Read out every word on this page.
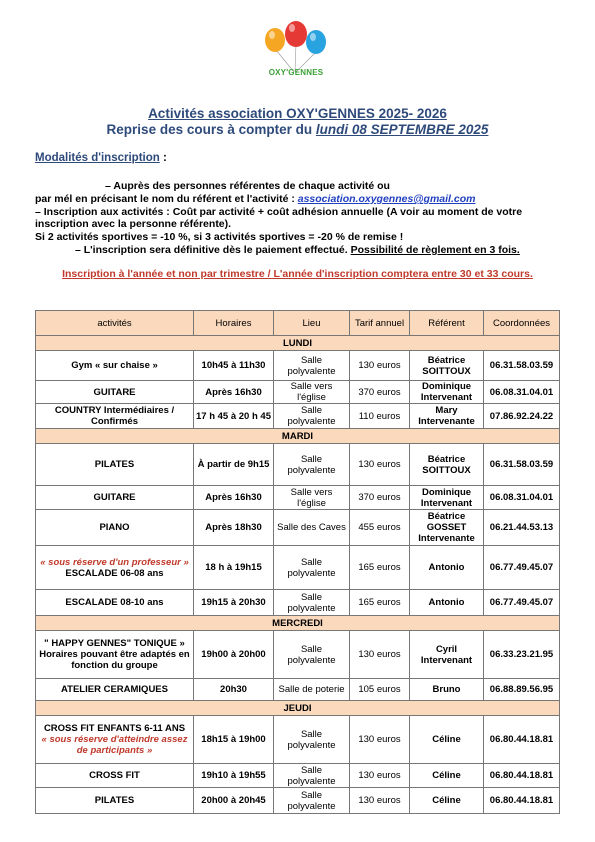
OXY'GENNES
Activités association OXY'GENNES 2025- 2026
Reprise des cours à compter du lundi 08 SEPTEMBRE 2025
Modalités d'inscription :
– Auprès des personnes référentes de chaque activité ou
par mél en précisant le nom du référent et l'activité : association.oxygennes@gmail.com
– Inscription aux activités : Coût par activité + coût adhésion annuelle (A voir au moment de votre inscription avec la personne référente).
Si 2 activités sportives = -10 %, si 3 activités sportives = -20 % de remise !
– L'inscription sera définitive dès le paiement effectué. Possibilité de règlement en 3 fois.
Inscription à l'année et non par trimestre / L'année d'inscription comptera entre 30 et 33 cours.
activités	Horaires	Lieu	Tarif annuel	Référent	Coordonnées
LUNDI					
Gym « sur chaise »	10h45 à 11h30	Salle polyvalente	130 euros	Béatrice SOITTOUX	06.31.58.03.59
GUITARE	Après 16h30	Salle vers l'église	370 euros	Dominique Intervenant	06.08.31.04.01
COUNTRY Intermédiaires / Confirmés	17 h 45 à 20 h 45	Salle polyvalente	110 euros	Mary Intervenante	07.86.92.24.22
MARDI					
PILATES	À partir de 9h15	Salle polyvalente	130 euros	Béatrice SOITTOUX	06.31.58.03.59
GUITARE	Après 16h30	Salle vers l'église	370 euros	Dominique Intervenant	06.08.31.04.01
PIANO	Après 18h30	Salle des Caves	455 euros	Béatrice GOSSET Intervenante	06.21.44.53.13

« sous réserve d'un professeur »
ESCALADE 06-08 ans	18 h à 19h15	Salle polyvalente	165 euros	Antonio	06.77.49.45.07
ESCALADE 08-10 ans	19h15 à 20h30	Salle polyvalente	165 euros	Antonio	06.77.49.45.07
MERCREDI					
" HAPPY GENNES" TONIQUE » Horaires pouvant être adaptés en fonction du groupe	19h00 à 20h00	Salle polyvalente	130 euros	Cyril Intervenant	06.33.23.21.95
ATELIER CERAMIQUES	20h30	Salle de poterie	105 euros	Bruno	06.88.89.56.95
JEUDI					

CROSS FIT ENFANTS 6-11 ANS
« sous réserve d'atteindre assez de participants »	18h15 à 19h00	Salle polyvalente	130 euros	Céline	06.80.44.18.81
CROSS FIT	19h10 à 19h55	Salle polyvalente	130 euros	Céline	06.80.44.18.81
PILATES	20h00 à 20h45	Salle polyvalente	130 euros	Céline	06.80.44.18.81
